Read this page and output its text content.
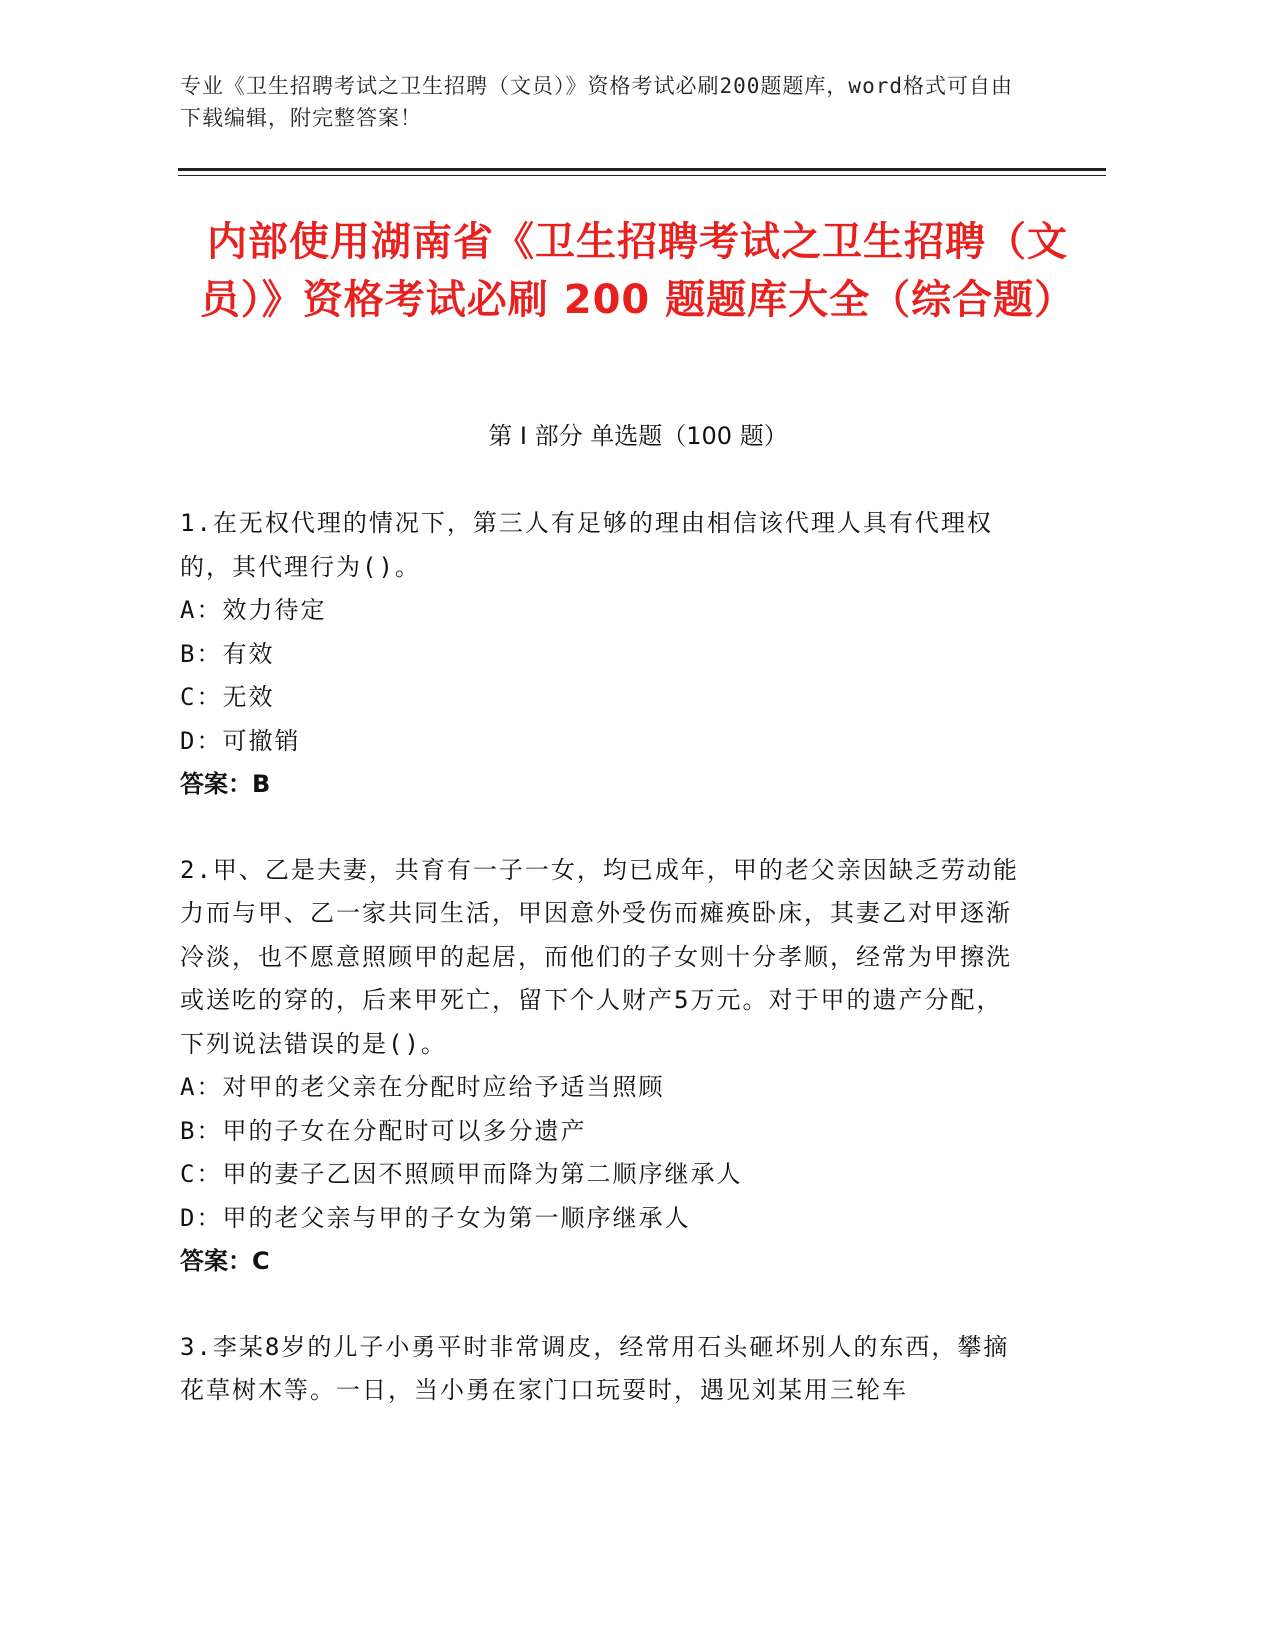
专业《卫生招聘考试之卫生招聘（文员）》资格考试必刷200题题库，word格式可自由下载编辑，附完整答案！
内部使用湖南省《卫生招聘考试之卫生招聘（文员）》资格考试必刷 200 题题库大全（综合题）
第 I 部分 单选题（100 题）
1.在无权代理的情况下，第三人有足够的理由相信该代理人具有代理权的，其代理行为()。
A：效力待定
B：有效
C：无效
D：可撤销
答案：B
2.甲、乙是夫妻，共育有一子一女，均已成年，甲的老父亲因缺乏劳动能力而与甲、乙一家共同生活，甲因意外受伤而瘫痪卧床，其妻乙对甲逐渐冷淡，也不愿意照顾甲的起居，而他们的子女则十分孝顺，经常为甲擦洗或送吃的穿的，后来甲死亡，留下个人财产5万元。对于甲的遗产分配，下列说法错误的是()。
A：对甲的老父亲在分配时应给予适当照顾
B：甲的子女在分配时可以多分遗产
C：甲的妻子乙因不照顾甲而降为第二顺序继承人
D：甲的老父亲与甲的子女为第一顺序继承人
答案：C
3.李某8岁的儿子小勇平时非常调皮，经常用石头砸坏别人的东西，攀摘花草树木等。一日，当小勇在家门口玩耍时，遇见刘某用三轮车
